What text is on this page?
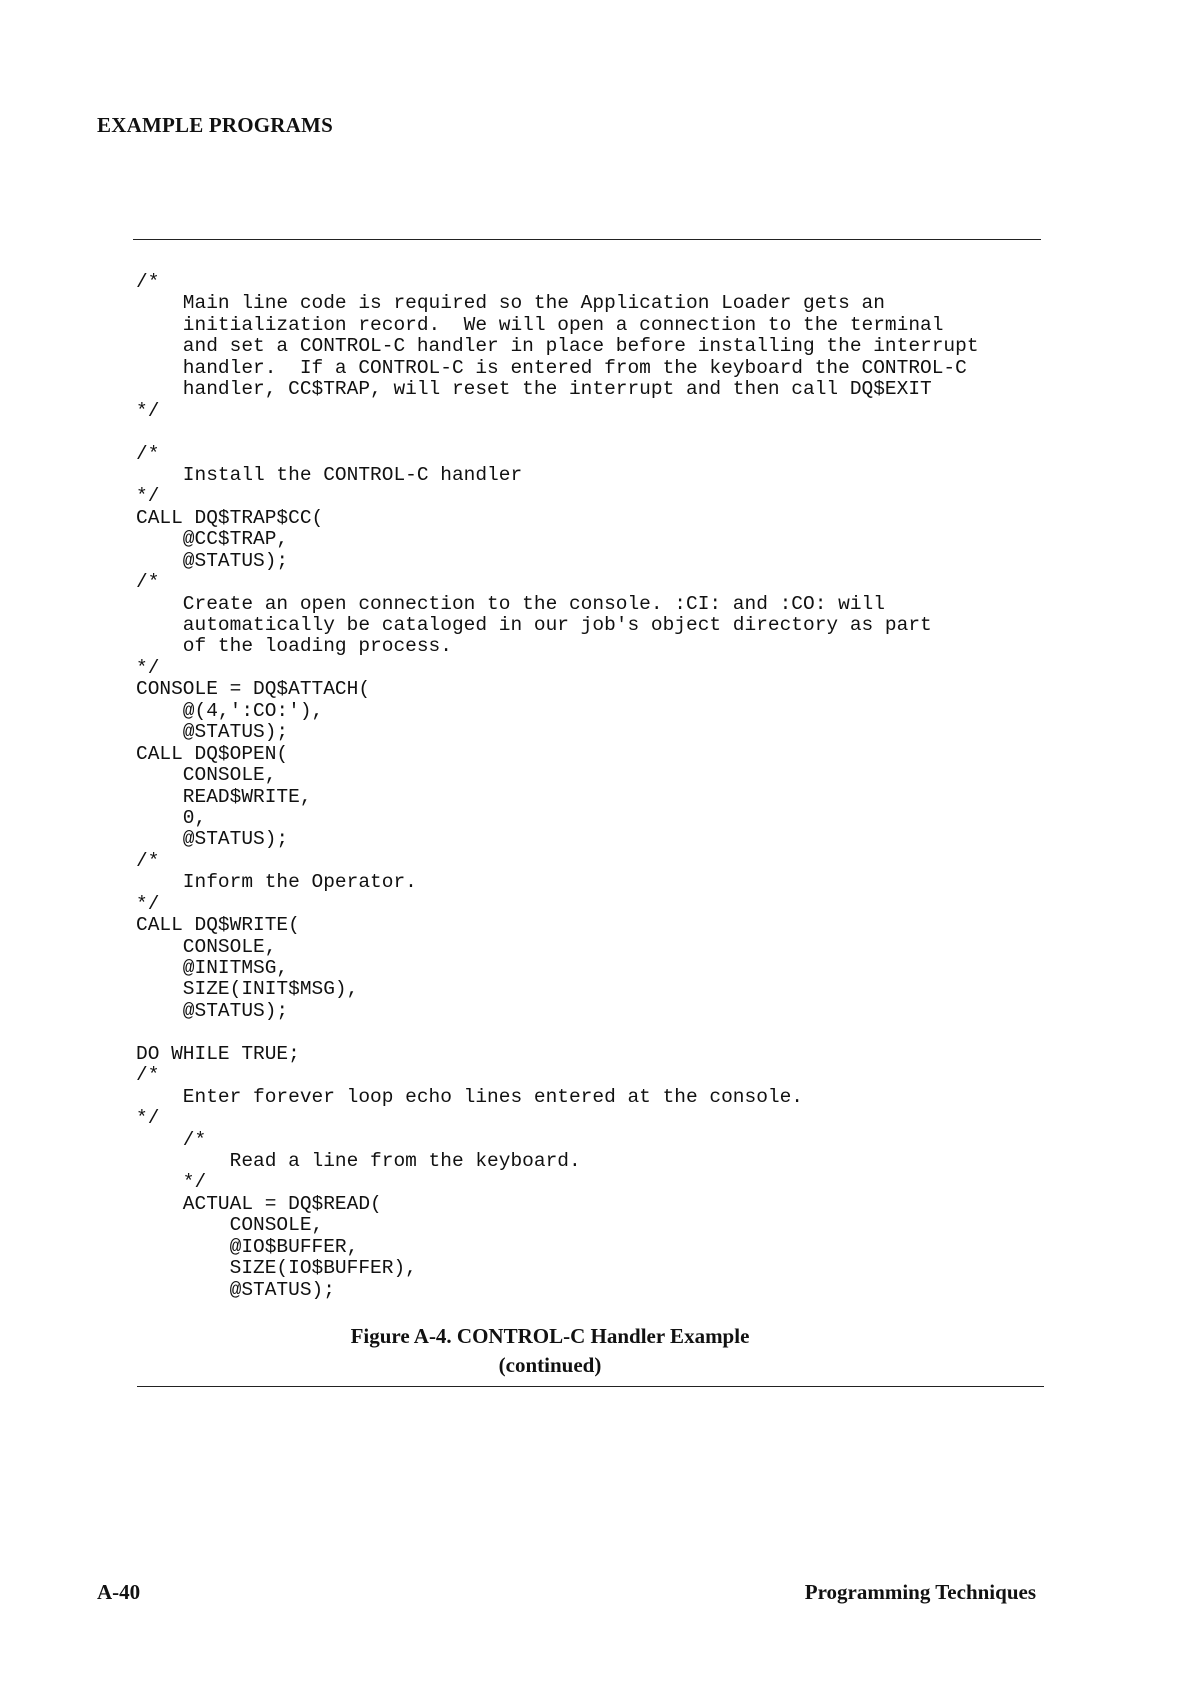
EXAMPLE PROGRAMS
/*
Main line code is required so the Application Loader gets an
initialization record.  We will open a connection to the terminal
and set a CONTROL-C handler in place before installing the interrupt
handler.  If a CONTROL-C is entered from the keyboard the CONTROL-C
handler, CC$TRAP, will reset the interrupt and then call DQ$EXIT
*/
/*
Install the CONTROL-C handler
*/
CALL DQ$TRAP$CC(
@CC$TRAP,
@STATUS);
/*
Create an open connection to the console. :CI: and :CO: will
automatically be cataloged in our job's object directory as part
of the loading process.
*/
CONSOLE = DQ$ATTACH(
@(4,':CO:'),
@STATUS);
CALL DQ$OPEN(
CONSOLE,
READ$WRITE,
0,
@STATUS);
/*
Inform the Operator.
*/
CALL DQ$WRITE(
CONSOLE,
@INITMSG,
SIZE(INIT$MSG),
@STATUS);
DO WHILE TRUE;
/*
Enter forever loop echo lines entered at the console.
*/
/*
Read a line from the keyboard.
*/
ACTUAL = DQ$READ(
CONSOLE,
@IO$BUFFER,
SIZE(IO$BUFFER),
@STATUS);
Figure A-4. CONTROL-C Handler Example
(continued)
A-40	Programming Techniques
